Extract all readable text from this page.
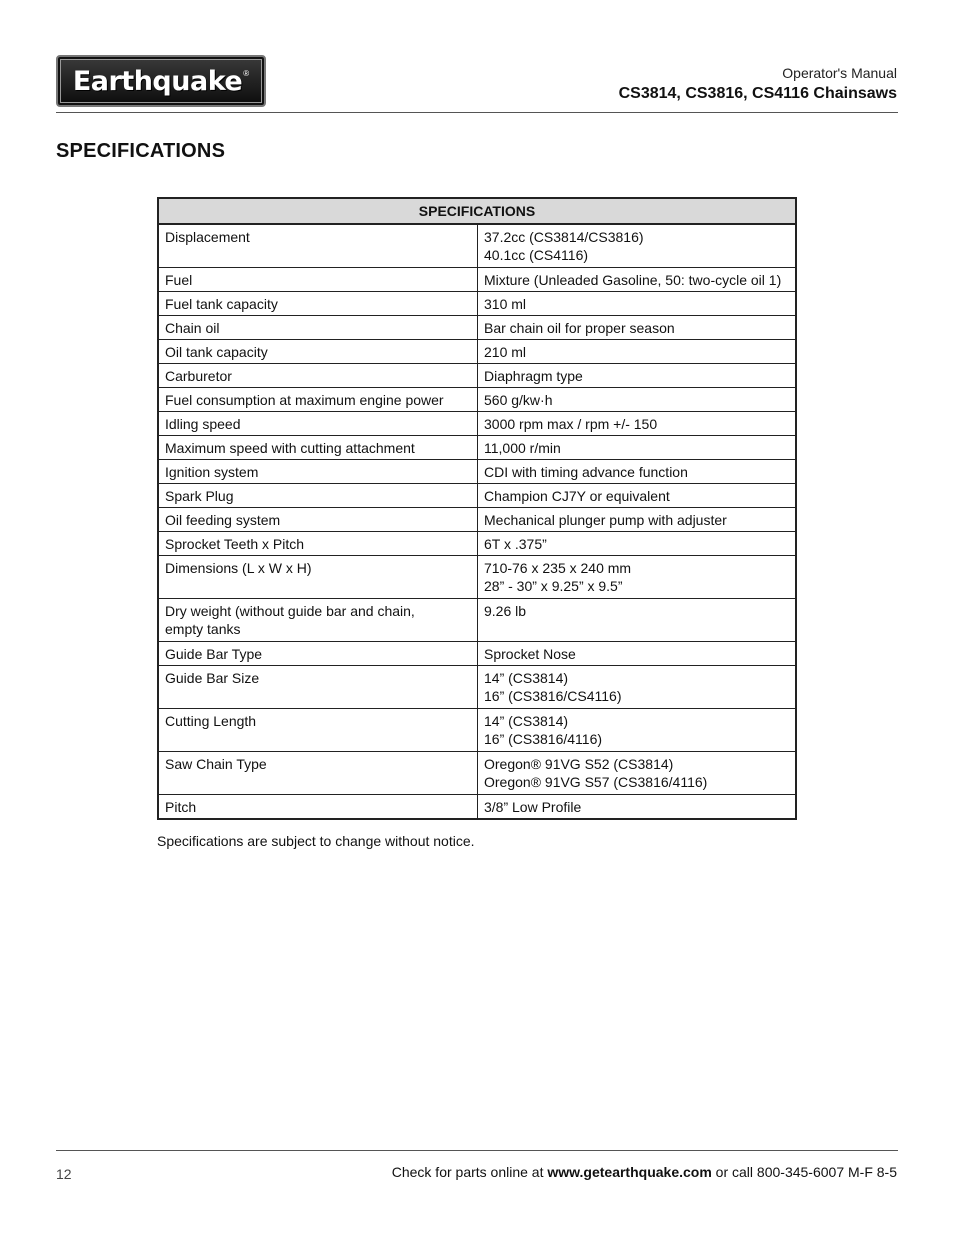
Earthquake ®	Operator's Manual
CS3814, CS3816, CS4116 Chainsaws
SPECIFICATIONS
SPECIFICATIONS	

Displacement	37.2cc (CS3814/CS3816)
40.1cc (CS4116)

Fuel	Mixture (Unleaded Gasoline, 50: two-cycle oil 1)

Fuel tank capacity	310 ml

Chain oil	Bar chain oil for proper season

Oil tank capacity	210 ml

Carburetor	Diaphragm type

Fuel consumption at maximum engine power	560 g/kw·h

Idling speed	3000 rpm max / rpm +/- 150

Maximum speed with cutting attachment	11,000 r/min

Ignition system	CDI with timing advance function

Spark Plug	Champion CJ7Y or equivalent

Oil feeding system	Mechanical plunger pump with adjuster

Sprocket Teeth x Pitch	6T x .375”

Dimensions (L x W x H)	710-76 x 235 x 240 mm
28” - 30” x 9.25” x 9.5”

Dry weight (without guide bar and chain,
empty tanks	9.26 lb

Guide Bar Type	Sprocket Nose

Guide Bar Size	14” (CS3814)
16” (CS3816/CS4116)

Cutting Length	14” (CS3814)
16” (CS3816/4116)

Saw Chain Type	Oregon® 91VG S52 (CS3814)
Oregon® 91VG S57 (CS3816/4116)

Pitch	3/8” Low Profile
Specifications are subject to change without notice.
12	Check for parts online at www.getearthquake.com or call 800-345-6007 M-F 8-5
